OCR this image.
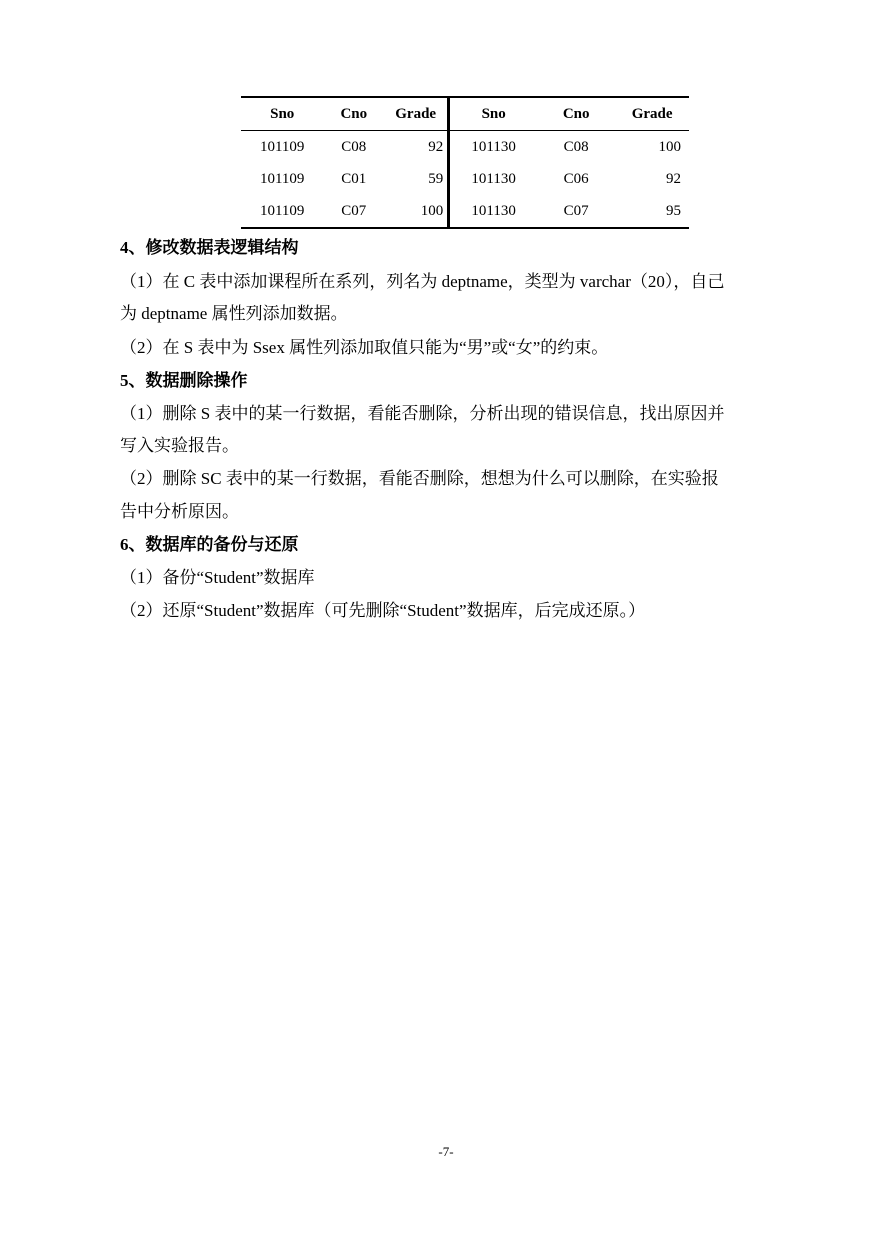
Sno	Cno	Grade	Sno	Cno	Grade
101109	C08	92	101130	C08	100
101109	C01	59	101130	C06	92
101109	C07	100	101130	C07	95
4、修改数据表逻辑结构
（1）在 C 表中添加课程所在系列，列名为 deptname，类型为 varchar（20），自己
为 deptname 属性列添加数据。
（2）在 S 表中为 Ssex 属性列添加取值只能为“男”或“女”的约束。
5、数据删除操作
（1）删除 S 表中的某一行数据，看能否删除，分析出现的错误信息，找出原因并
写入实验报告。
（2）删除 SC 表中的某一行数据，看能否删除，想想为什么可以删除，在实验报
告中分析原因。
6、数据库的备份与还原
（1）备份“Student”数据库
（2）还原“Student”数据库（可先删除“Student”数据库，后完成还原。）
-7-
